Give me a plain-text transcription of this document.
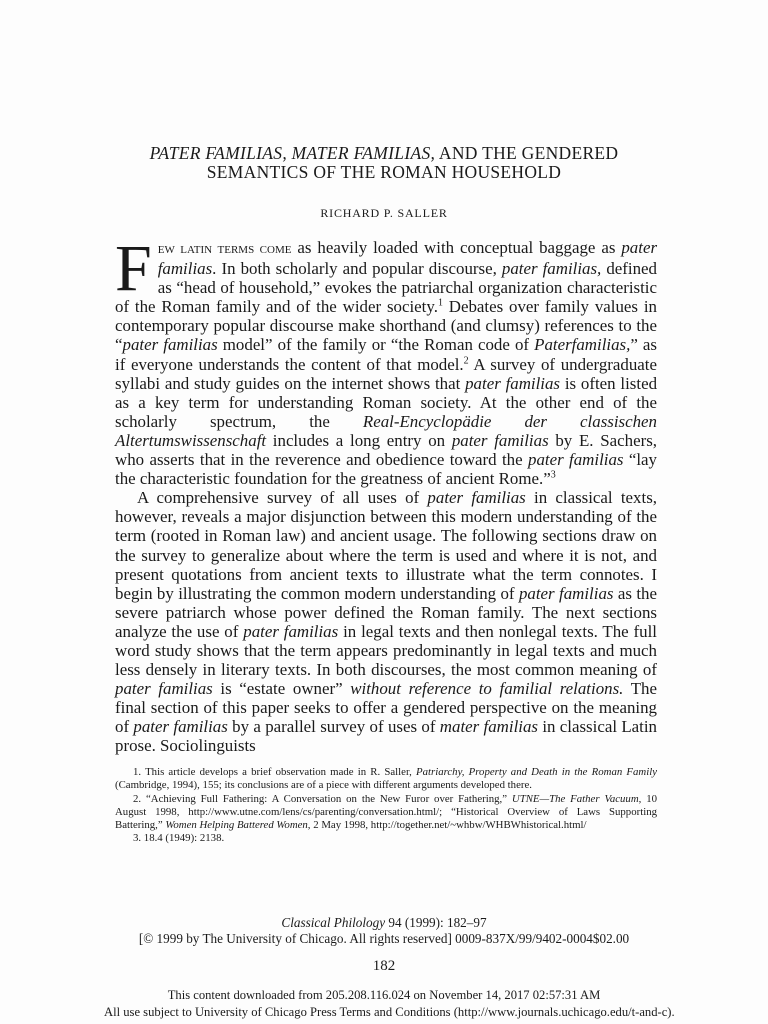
PATER FAMILIAS, MATER FAMILIAS, AND THE GENDERED
SEMANTICS OF THE ROMAN HOUSEHOLD
RICHARD P. SALLER

Few latin terms come as heavily loaded with conceptual baggage as pater familias. In both scholarly and popular discourse, pater familias, defined as “head of household,” evokes the patriarchal organization characteristic of the Roman family and of the wider society.$^1$ Debates over family values in contemporary popular discourse make shorthand (and clumsy) references to the “pater familias model” of the family or “the Roman code of Paterfamilias,” as if everyone understands the content of that model.$^2$ A survey of undergraduate syllabi and study guides on the internet shows that pater familias is often listed as a key term for understanding Roman society. At the other end of the scholarly spectrum, the Real-Encyclopädie der classischen Altertumswissenschaft includes a long entry on pater familias by E. Sachers, who asserts that in the reverence and obedience toward the pater familias “lay the characteristic foundation for the greatness of ancient Rome.”$^3$

A comprehensive survey of all uses of pater familias in classical texts, however, reveals a major disjunction between this modern understanding of the term (rooted in Roman law) and ancient usage. The following sections draw on the survey to generalize about where the term is used and where it is not, and present quotations from ancient texts to illustrate what the term connotes. I begin by illustrating the common modern understanding of pater familias as the severe patriarch whose power defined the Roman family. The next sections analyze the use of pater familias in legal texts and then nonlegal texts. The full word study shows that the term appears predominantly in legal texts and much less densely in literary texts. In both discourses, the most common meaning of pater familias is “estate owner” without reference to familial relations. The final section of this paper seeks to offer a gendered perspective on the meaning of pater familias by a parallel survey of uses of mater familias in classical Latin prose. Sociolinguists

1. This article develops a brief observation made in R. Saller, Patriarchy, Property and Death in the Roman Family (Cambridge, 1994), 155; its conclusions are of a piece with different arguments developed there.

2. “Achieving Full Fathering: A Conversation on the New Furor over Fathering,” UTNE—The Father Vacuum, 10 August 1998, http://www.utne.com/lens/cs/parenting/conversation.html/; “Historical Overview of Laws Supporting Battering,” Women Helping Battered Women, 2 May 1998, http://together.net/~whbw/WHBWhistorical.html/

3. 18.4 (1949): 2138.

Classical Philology 94 (1999): 182–97
[© 1999 by The University of Chicago. All rights reserved] 0009-837X/99/9402-0004$02.00
182
This content downloaded from 205.208.116.024 on November 14, 2017 02:57:31 AM
All use subject to University of Chicago Press Terms and Conditions (http://www.journals.uchicago.edu/t-and-c).
